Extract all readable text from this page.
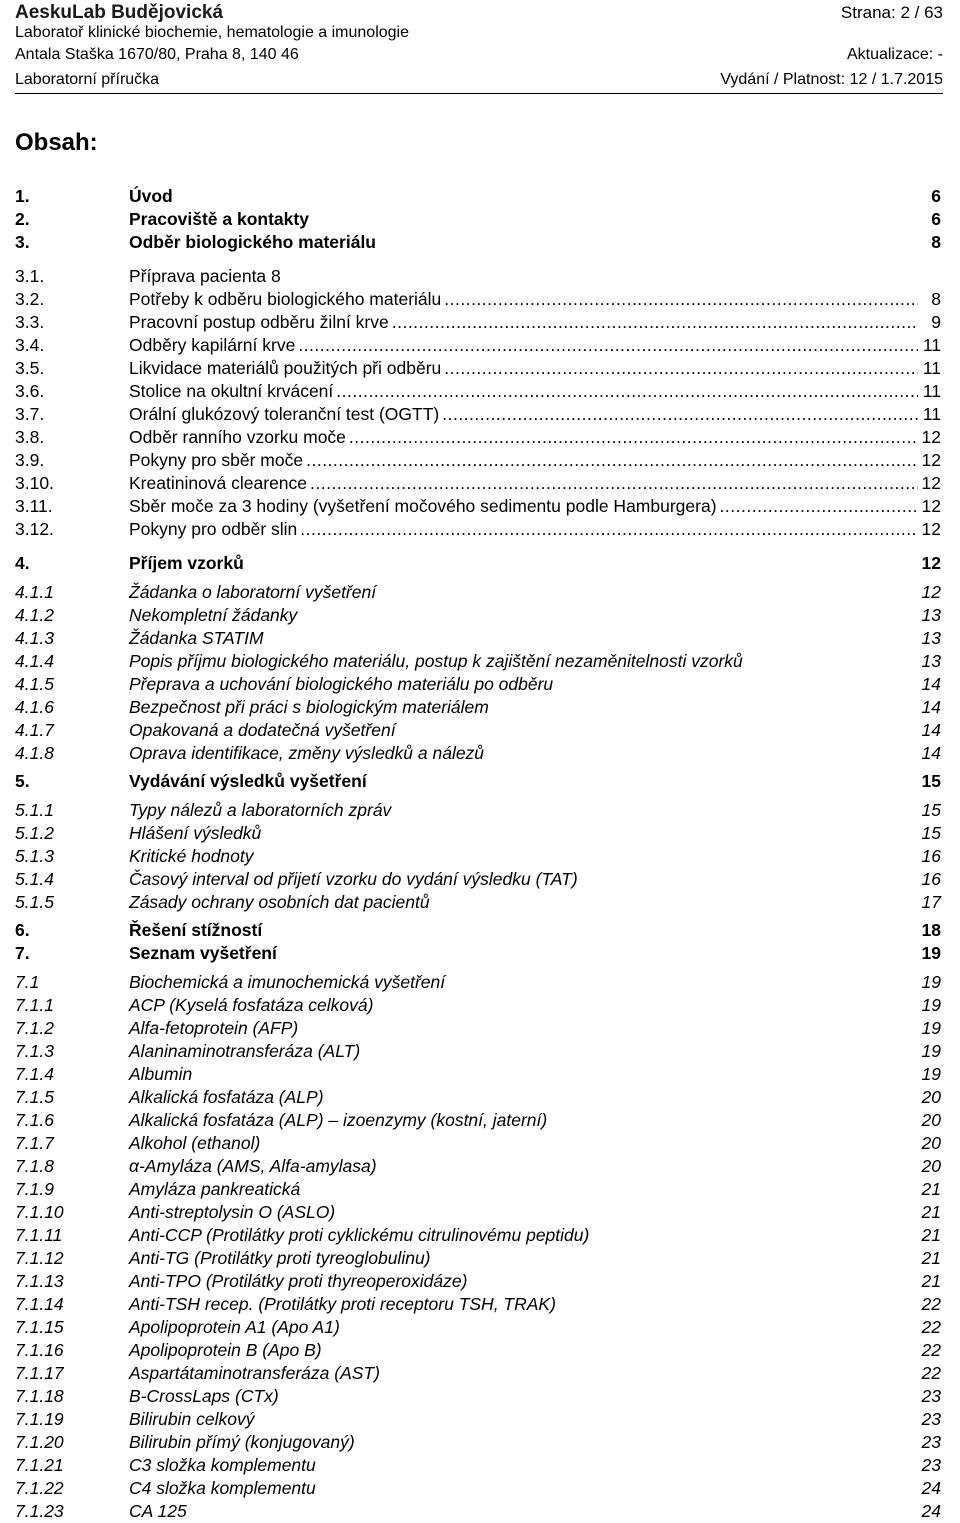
AeskuLab Budějovická	Strana: 2 / 63
Laboratoř klinické biochemie, hematologie a imunologie
Antala Staška 1670/80, Praha 8, 140 46	Aktualizace: -
Laboratorní příručka	Vydání / Platnost: 12 / 1.7.2015
Obsah:
1.	Úvod	6
2.	Pracoviště a kontakty	6
3.	Odběr biologického materiálu	8
3.1.	Příprava pacienta 8
3.2.	Potřeby k odběru biologického materiálu .....	8
3.3.	Pracovní postup odběru žilní krve .....	9
3.4.	Odběry kapilární krve .....	11
3.5.	Likvidace materiálů použitých při odběru .....	11
3.6.	Stolice na okultní krvácení .....	11
3.7.	Orální glukózový toleranční test (OGTT) .....	11
3.8.	Odběr ranního vzorku moče .....	12
3.9.	Pokyny pro sběr moče .....	12
3.10.	Kreatininová clearence .....	12
3.11.	Sběr moče za 3 hodiny (vyšetření močového sedimentu podle Hamburgera) .....	12
3.12.	Pokyny pro odběr slin .....	12
4.	Příjem vzorků	12
4.1.1	Žádanka o laboratorní vyšetření	12
4.1.2	Nekompletní žádanky	13
4.1.3	Žádanka STATIM	13
4.1.4	Popis příjmu biologického materiálu, postup k zajištění nezaměnitelnosti vzorků	13
4.1.5	Přeprava a uchování biologického materiálu po odběru	14
4.1.6	Bezpečnost při práci s biologickým materiálem	14
4.1.7	Opakovaná a dodatečná vyšetření	14
4.1.8	Oprava identifikace, změny výsledků a nálezů	14
5.	Vydávání výsledků vyšetření	15
5.1.1	Typy nálezů a laboratorních zpráv	15
5.1.2	Hlášení výsledků	15
5.1.3	Kritické hodnoty	16
5.1.4	Časový interval od přijetí vzorku do vydání výsledku (TAT)	16
5.1.5	Zásady ochrany osobních dat pacientů	17
6.	Řešení stížností	18
7.	Seznam vyšetření	19
7.1	Biochemická a imunochemická vyšetření	19
7.1.1	ACP (Kyselá fosfatáza celková)	19
7.1.2	Alfa-fetoprotein (AFP)	19
7.1.3	Alaninaminotransferáza (ALT)	19
7.1.4	Albumin	19
7.1.5	Alkalická fosfatáza (ALP)	20
7.1.6	Alkalická fosfatáza (ALP) – izoenzymy (kostní, jaterní)	20
7.1.7	Alkohol (ethanol)	20
7.1.8	α-Amyláza (AMS, Alfa-amylasa)	20
7.1.9	Amyláza pankreatická	21
7.1.10	Anti-streptolysin O (ASLO)	21
7.1.11	Anti-CCP (Protilátky proti cyklickému citrulinovému peptidu)	21
7.1.12	Anti-TG (Protilátky proti tyreoglobulinu)	21
7.1.13	Anti-TPO (Protilátky proti thyreoperoxidáze)	21
7.1.14	Anti-TSH recep. (Protilátky proti receptoru TSH, TRAK)	22
7.1.15	Apolipoprotein A1 (Apo A1)	22
7.1.16	Apolipoprotein B (Apo B)	22
7.1.17	Aspartátaminotransferáza (AST)	22
7.1.18	B-CrossLaps (CTx)	23
7.1.19	Bilirubin celkový	23
7.1.20	Bilirubin přímý (konjugovaný)	23
7.1.21	C3 složka komplementu	23
7.1.22	C4 složka komplementu	24
7.1.23	CA 125	24
